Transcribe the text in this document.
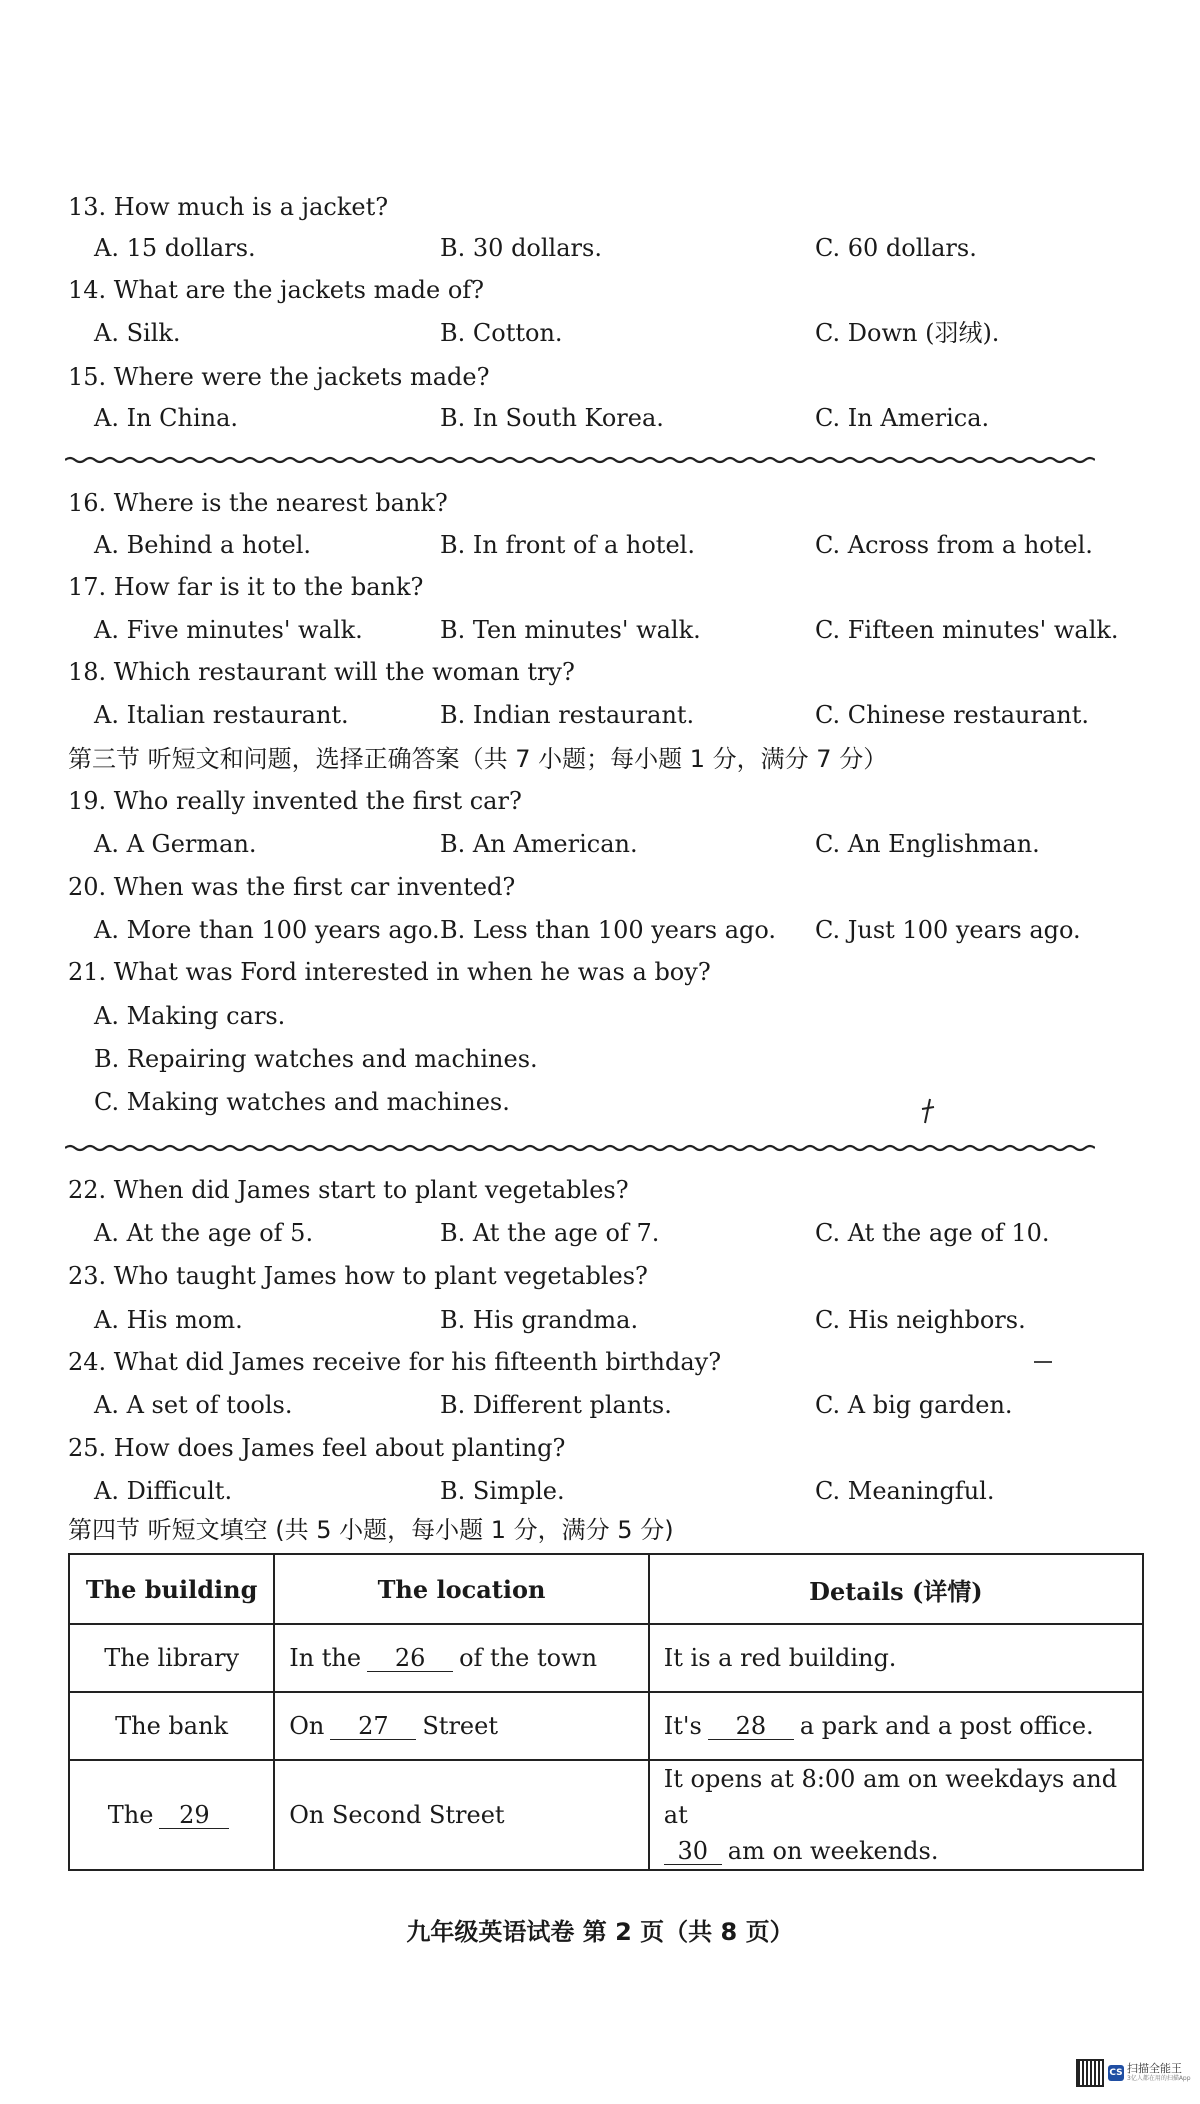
13. How much is a jacket?
A. 15 dollars.	B. 30 dollars.	C. 60 dollars.
14. What are the jackets made of?
A. Silk.	B. Cotton.	C. Down (羽绒).
15. Where were the jackets made?
A. In China.	B. In South Korea.	C. In America.
16. Where is the nearest bank?
A. Behind a hotel.	B. In front of a hotel.	C. Across from a hotel.
17. How far is it to the bank?
A. Five minutes' walk.	B. Ten minutes' walk.	C. Fifteen minutes' walk.
18. Which restaurant will the woman try?
A. Italian restaurant.	B. Indian restaurant.	C. Chinese restaurant.
第三节 听短文和问题，选择正确答案（共 7 小题；每小题 1 分，满分 7 分）
19. Who really invented the first car?
A. A German.	B. An American.	C. An Englishman.
20. When was the first car invented?
A. More than 100 years ago. B. Less than 100 years ago. C. Just 100 years ago.
21. What was Ford interested in when he was a boy?
A. Making cars.
B. Repairing watches and machines.
C. Making watches and machines.
22. When did James start to plant vegetables?
A. At the age of 5.	B. At the age of 7.	C. At the age of 10.
23. Who taught James how to plant vegetables?
A. His mom.	B. His grandma.	C. His neighbors.
24. What did James receive for his fifteenth birthday?
A. A set of tools.	B. Different plants.	C. A big garden.
25. How does James feel about planting?
A. Difficult.	B. Simple.	C. Meaningful.
第四节 听短文填空 (共 5 小题，每小题 1 分，满分 5 分)
The building	The location	Details (详情)
The library	In the 26 of the town	It is a red building.
The bank	On 27 Street	It's 28 a park and a post office.
The 29	On Second Street	It opens at 8:00 am on weekdays and at
30 am on weekends.
九年级英语试卷 第 2 页（共 8 页）
CS 扫描全能王
3亿人都在用的扫描App
